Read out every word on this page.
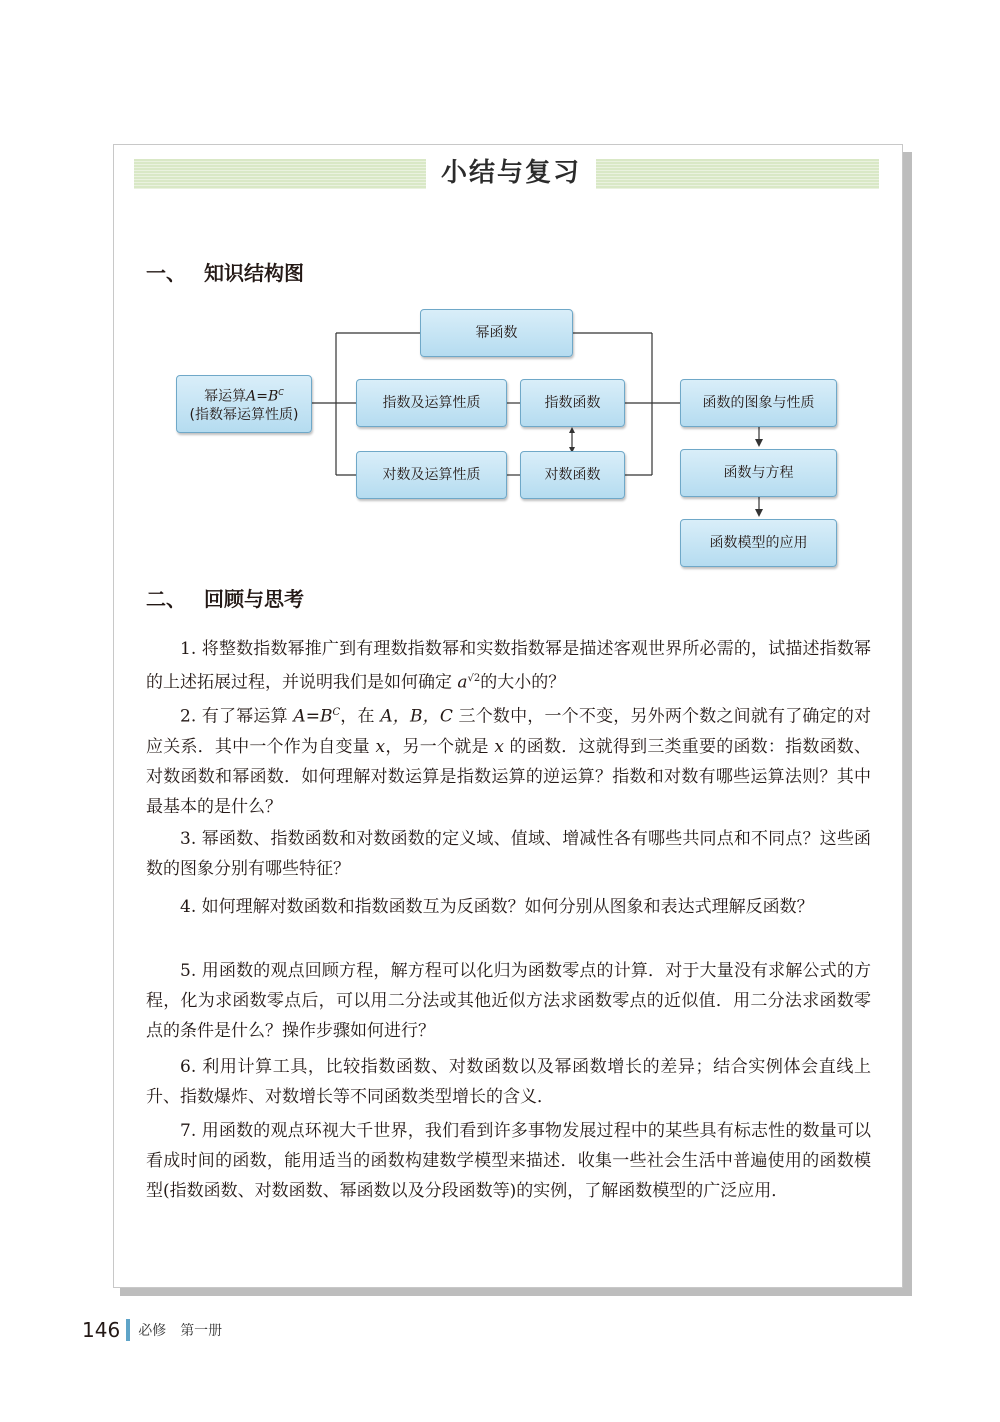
小结与复习
一、 知识结构图
幂函数
幂运算$A=B^C$
(指数幂运算性质)
指数及运算性质	指数函数
对数及运算性质	对数函数
函数的图象与性质
函数与方程
函数模型的应用
二、 回顾与思考

1. 将整数指数幂推广到有理数指数幂和实数指数幂是描述客观世界所必需的，试描述指数幂的上述拓展过程，并说明我们是如何确定 $a^{√2}$的大小的？

2. 有了幂运算 $A=B^C$，在 A，B，C 三个数中，一个不变，另外两个数之间就有了确定的对应关系．其中一个作为自变量 x，另一个就是 x 的函数．这就得到三类重要的函数：指数函数、对数函数和幂函数．如何理解对数运算是指数运算的逆运算？指数和对数有哪些运算法则？其中最基本的是什么？

3. 幂函数、指数函数和对数函数的定义域、值域、增减性各有哪些共同点和不同点？这些函数的图象分别有哪些特征？

4. 如何理解对数函数和指数函数互为反函数？如何分别从图象和表达式理解反函数？

5. 用函数的观点回顾方程，解方程可以化归为函数零点的计算．对于大量没有求解公式的方程，化为求函数零点后，可以用二分法或其他近似方法求函数零点的近似值．用二分法求函数零点的条件是什么？操作步骤如何进行？

6. 利用计算工具，比较指数函数、对数函数以及幂函数增长的差异；结合实例体会直线上升、指数爆炸、对数增长等不同函数类型增长的含义．

7. 用函数的观点环视大千世界，我们看到许多事物发展过程中的某些具有标志性的数量可以看成时间的函数，能用适当的函数构建数学模型来描述．收集一些社会生活中普遍使用的函数模型(指数函数、对数函数、幂函数以及分段函数等)的实例，了解函数模型的广泛应用．

146 必修 第一册
